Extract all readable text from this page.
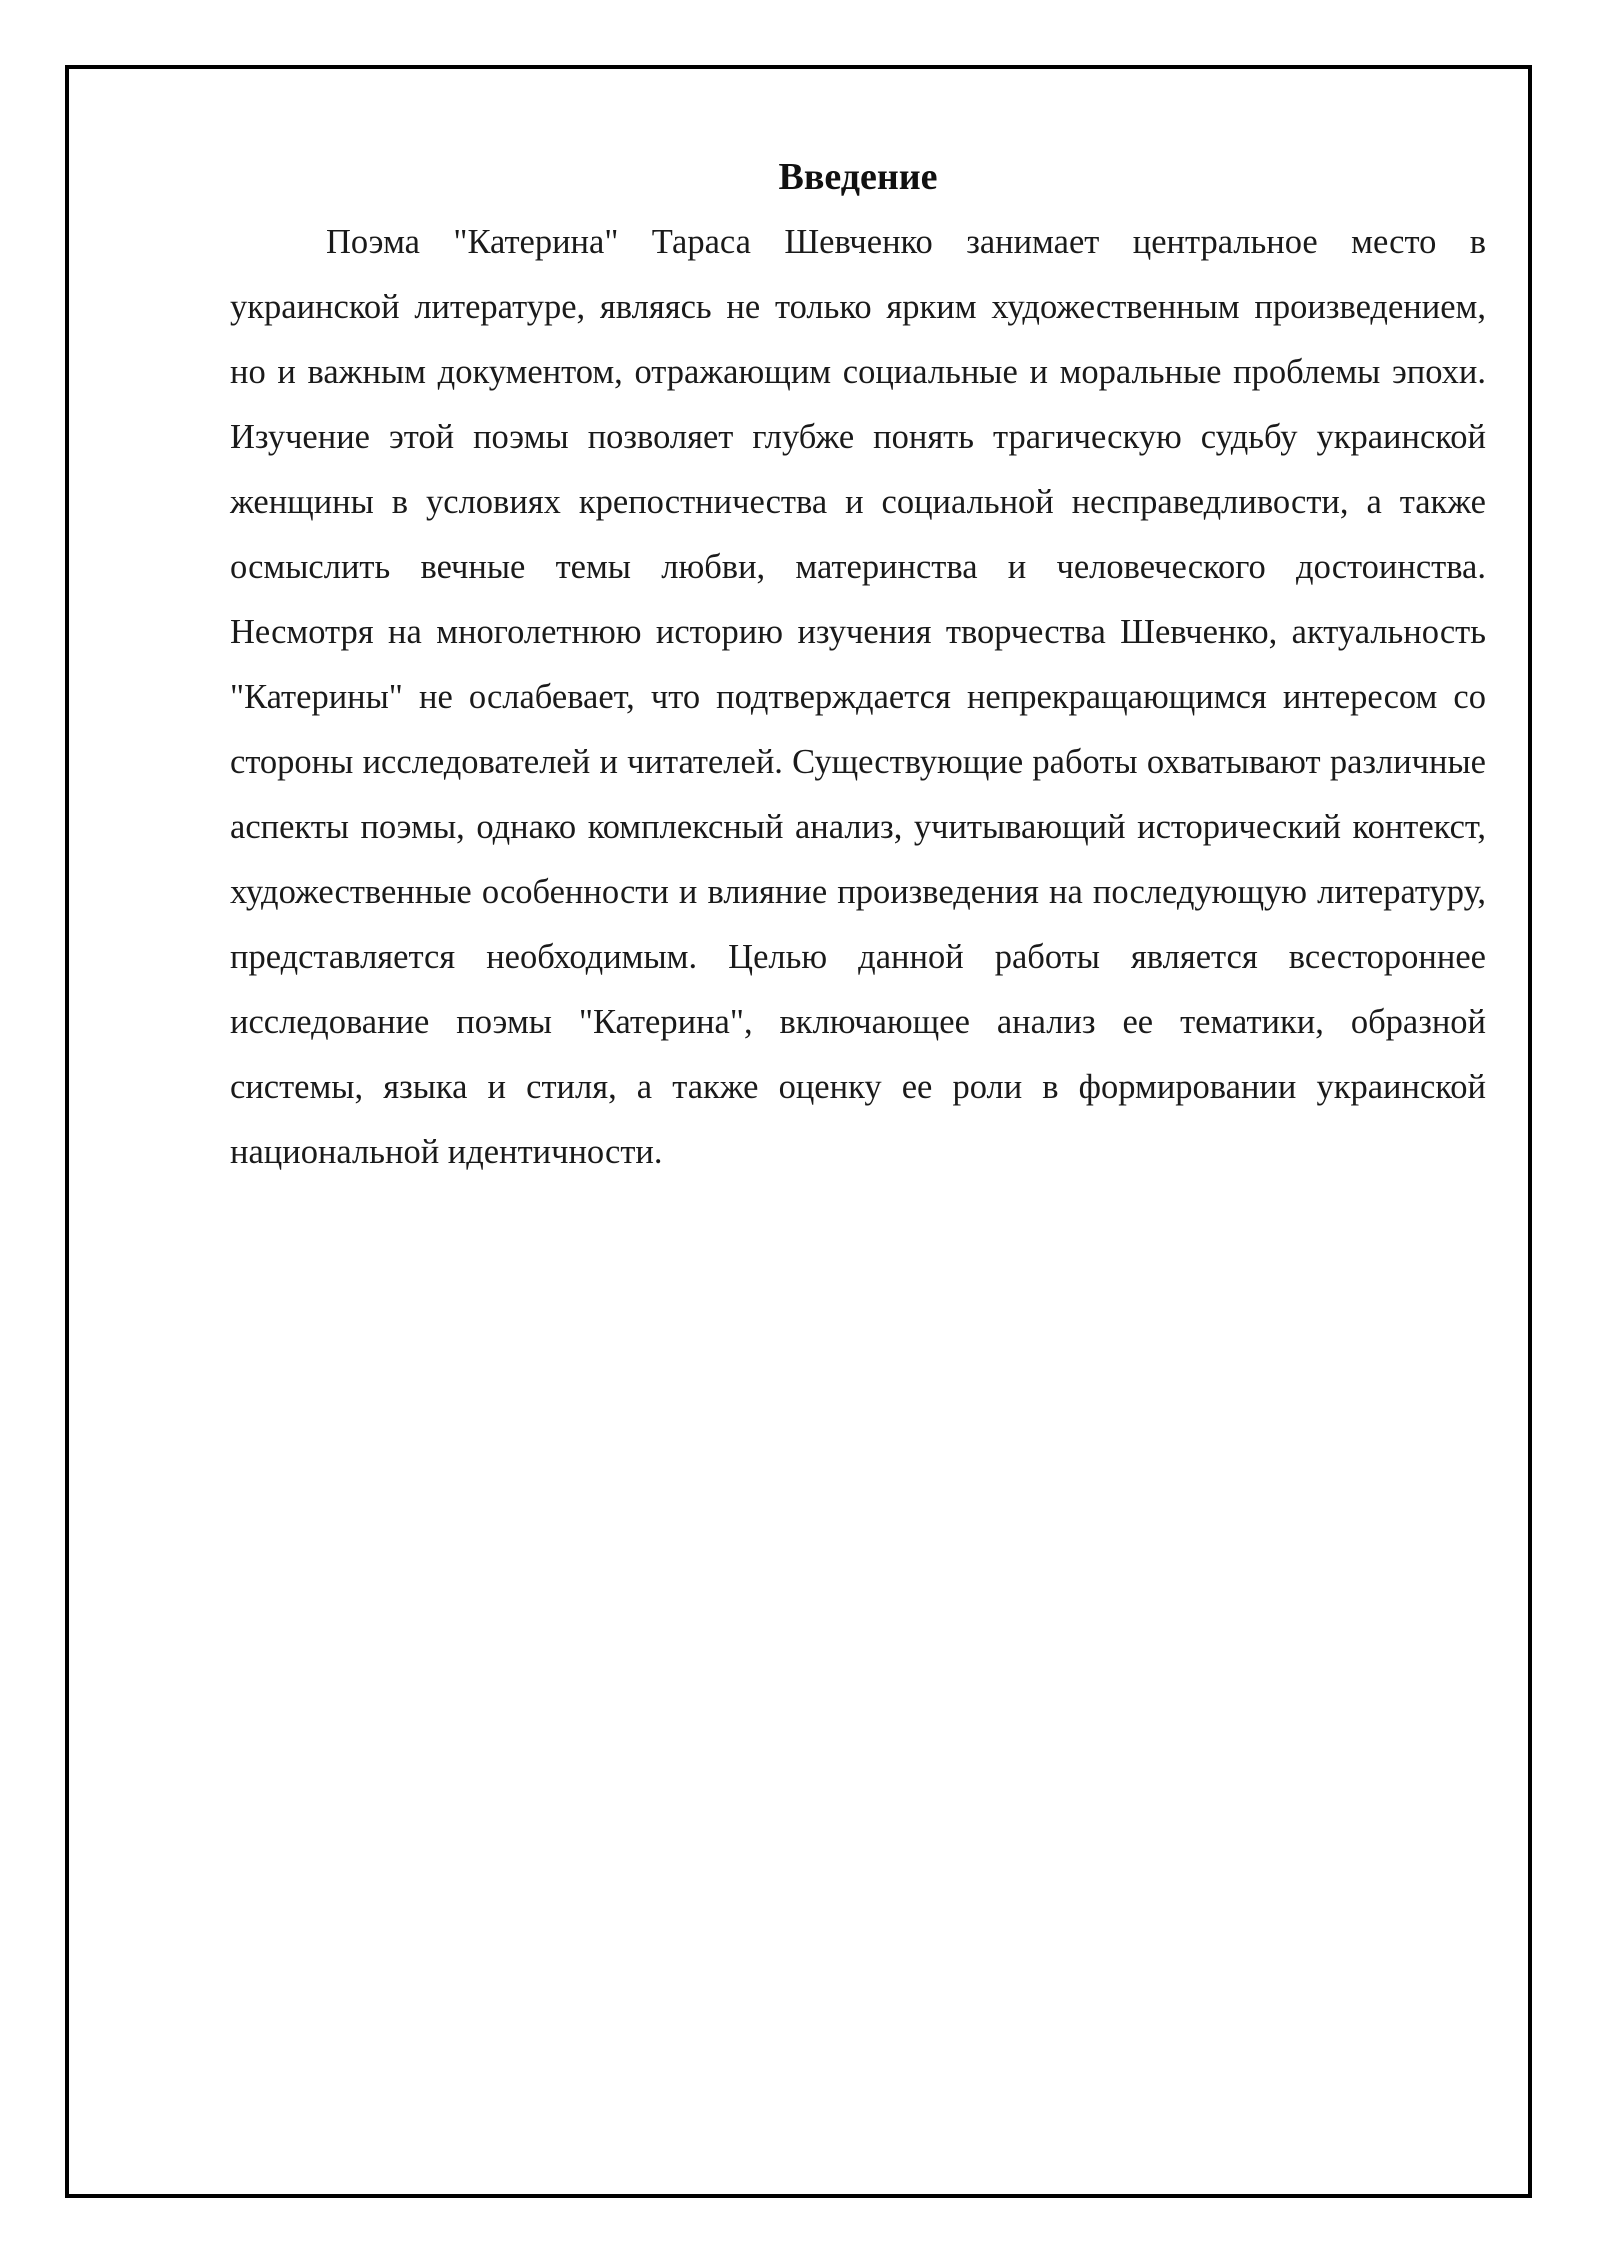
Введение

Поэма "Катерина" Тараса Шевченко занимает центральное место в украинской литературе, являясь не только ярким художественным произведением, но и важным документом, отражающим социальные и моральные проблемы эпохи. Изучение этой поэмы позволяет глубже понять трагическую судьбу украинской женщины в условиях крепостничества и социальной несправедливости, а также осмыслить вечные темы любви, материнства и человеческого достоинства. Несмотря на многолетнюю историю изучения творчества Шевченко, актуальность "Катерины" не ослабевает, что подтверждается непрекращающимся интересом со стороны исследователей и читателей. Существующие работы охватывают различные аспекты поэмы, однако комплексный анализ, учитывающий исторический контекст, художественные особенности и влияние произведения на последующую литературу, представляется необходимым. Целью данной работы является всестороннее исследование поэмы "Катерина", включающее анализ ее тематики, образной системы, языка и стиля, а также оценку ее роли в формировании украинской национальной идентичности.
